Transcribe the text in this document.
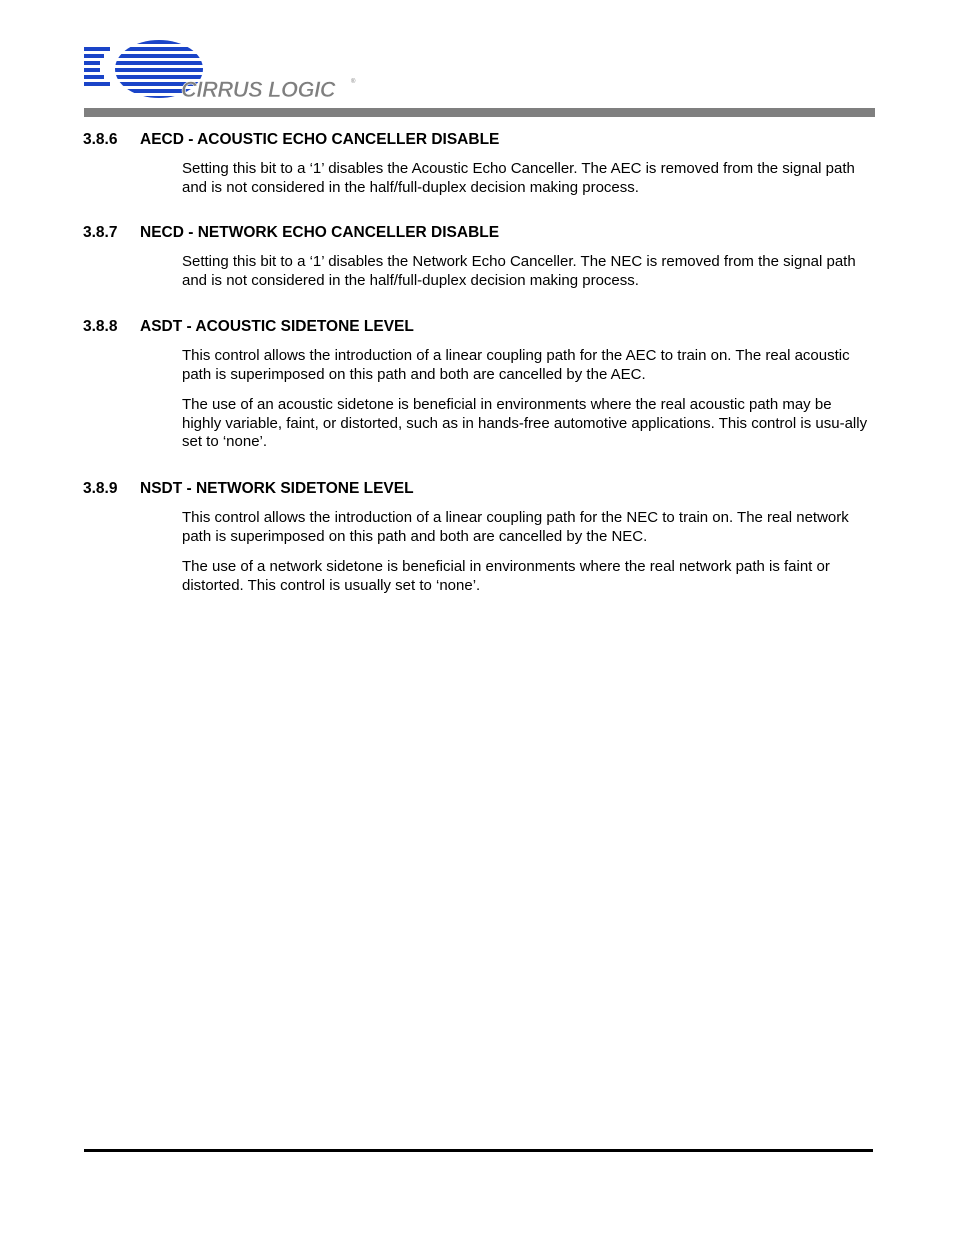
CIRRUS LOGIC	®
3.8.6 AECD - ACOUSTIC ECHO CANCELLER DISABLE

Setting this bit to a ‘1’ disables the Acoustic Echo Canceller. The AEC is removed from the signal path and is not considered in the half/full-duplex decision making process.

3.8.7 NECD - NETWORK ECHO CANCELLER DISABLE

Setting this bit to a ‘1’ disables the Network Echo Canceller. The NEC is removed from the signal path and is not considered in the half/full-duplex decision making process.

3.8.8 ASDT - ACOUSTIC SIDETONE LEVEL

This control allows the introduction of a linear coupling path for the AEC to train on. The real acoustic path is superimposed on this path and both are cancelled by the AEC.

The use of an acoustic sidetone is beneficial in environments where the real acoustic path may be highly variable, faint, or distorted, such as in hands-free automotive applications. This control is usu-ally set to ‘none’.

3.8.9 NSDT - NETWORK SIDETONE LEVEL

This control allows the introduction of a linear coupling path for the NEC to train on. The real network path is superimposed on this path and both are cancelled by the NEC.

The use of a network sidetone is beneficial in environments where the real network path is faint or distorted. This control is usually set to ‘none’.
